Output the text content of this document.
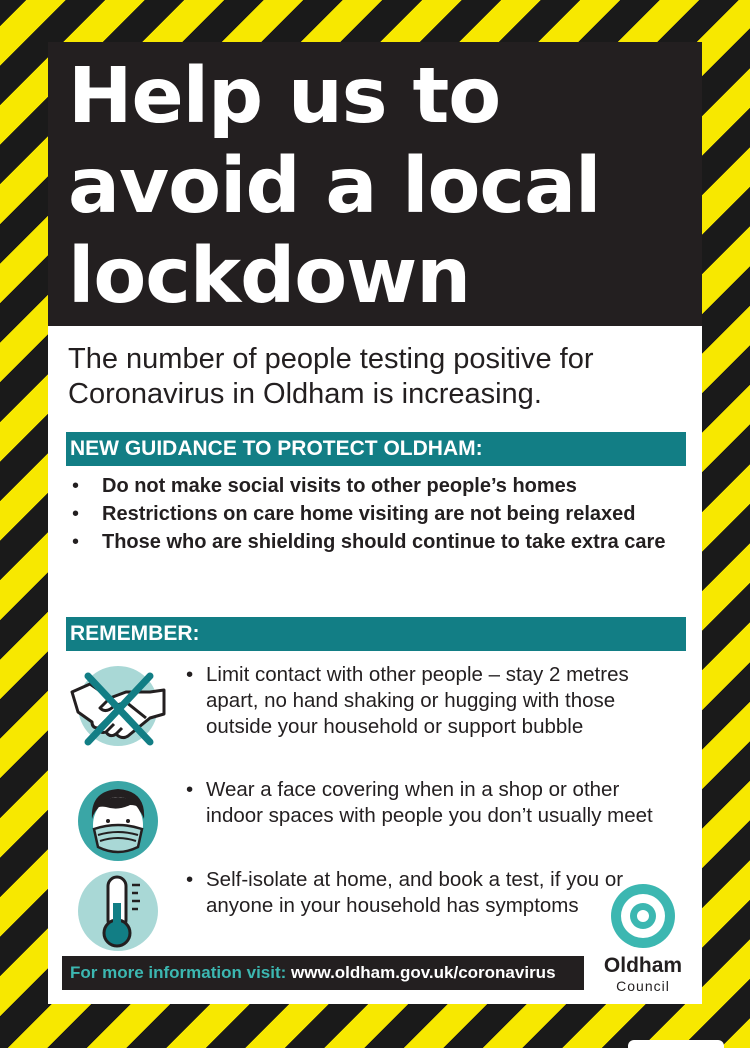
Help us to
avoid a local
lockdown

The number of people testing positive for Coronavirus in Oldham is increasing.

NEW GUIDANCE TO PROTECT OLDHAM:
• Do not make social visits to other people’s homes
• Restrictions on care home visiting are not being relaxed
• Those who are shielding should continue to take extra care
REMEMBER:
• Limit contact with other people – stay 2 metres apart, no hand shaking or hugging with those outside your household or support bubble
• Wear a face covering when in a shop or other indoor spaces with people you don’t usually meet
• Self-isolate at home, and book a test, if you or anyone in your household has symptoms
For more information visit: www.oldham.gov.uk/coronavirus	Oldham
Council
